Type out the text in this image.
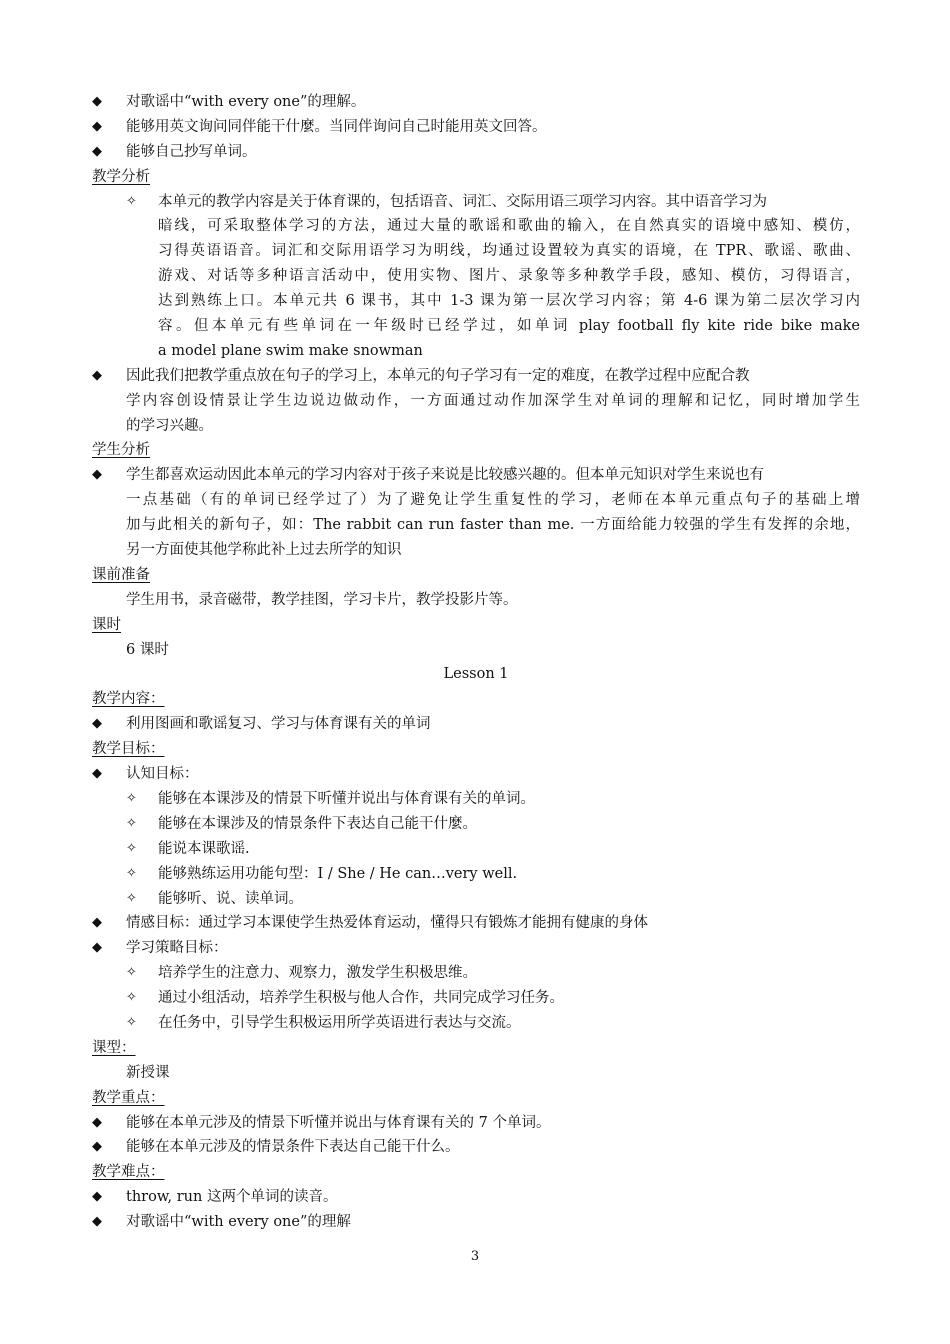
◆ 对歌谣中“with every one”的理解。
◆ 能够用英文询问同伴能干什麼。当同伴询问自己时能用英文回答。
◆ 能够自己抄写单词。
教学分析
✧ 本单元的教学内容是关于体育课的，包括语音、词汇、交际用语三项学习内容。其中语音学习为
暗线，可采取整体学习的方法，通过大量的歌谣和歌曲的输入，在自然真实的语境中感知、模仿，
习得英语语音。词汇和交际用语学习为明线，均通过设置较为真实的语境，在 TPR、歌谣、歌曲、
游戏、对话等多种语言活动中，使用实物、图片、录象等多种教学手段，感知、模仿，习得语言，
达到熟练上口。本单元共 6 课书，其中 1-3 课为第一层次学习内容；第 4-6 课为第二层次学习内
容。但本单元有些单词在一年级时已经学过，如单词 play football fly kite ride bike make
a model plane swim make snowman
◆ 因此我们把教学重点放在句子的学习上，本单元的句子学习有一定的难度，在教学过程中应配合教
学内容创设情景让学生边说边做动作，一方面通过动作加深学生对单词的理解和记忆，同时增加学生
的学习兴趣。
学生分析
◆ 学生都喜欢运动因此本单元的学习内容对于孩子来说是比较感兴趣的。但本单元知识对学生来说也有
一点基础（有的单词已经学过了）为了避免让学生重复性的学习，老师在本单元重点句子的基础上增
加与此相关的新句子，如：The rabbit can run faster than me. 一方面给能力较强的学生有发挥的余地，
另一方面使其他学称此补上过去所学的知识
课前准备
学生用书，录音磁带，教学挂图，学习卡片，教学投影片等。
课时
6 课时
Lesson 1
教学内容：
◆ 利用图画和歌谣复习、学习与体育课有关的单词
教学目标：
◆ 认知目标：
✧ 能够在本课涉及的情景下听懂并说出与体育课有关的单词。
✧ 能够在本课涉及的情景条件下表达自己能干什麼。
✧ 能说本课歌谣.
✧ 能够熟练运用功能句型：I / She / He can…very well.
✧ 能够听、说、读单词。
◆ 情感目标：通过学习本课使学生热爱体育运动，懂得只有锻炼才能拥有健康的身体
◆ 学习策略目标：
✧ 培养学生的注意力、观察力，激发学生积极思维。
✧ 通过小组活动，培养学生积极与他人合作，共同完成学习任务。
✧ 在任务中，引导学生积极运用所学英语进行表达与交流。
课型：
新授课
教学重点：
◆ 能够在本单元涉及的情景下听懂并说出与体育课有关的 7 个单词。
◆ 能够在本单元涉及的情景条件下表达自己能干什么。
教学难点：
◆ throw, run 这两个单词的读音。
◆ 对歌谣中“with every one”的理解
3
